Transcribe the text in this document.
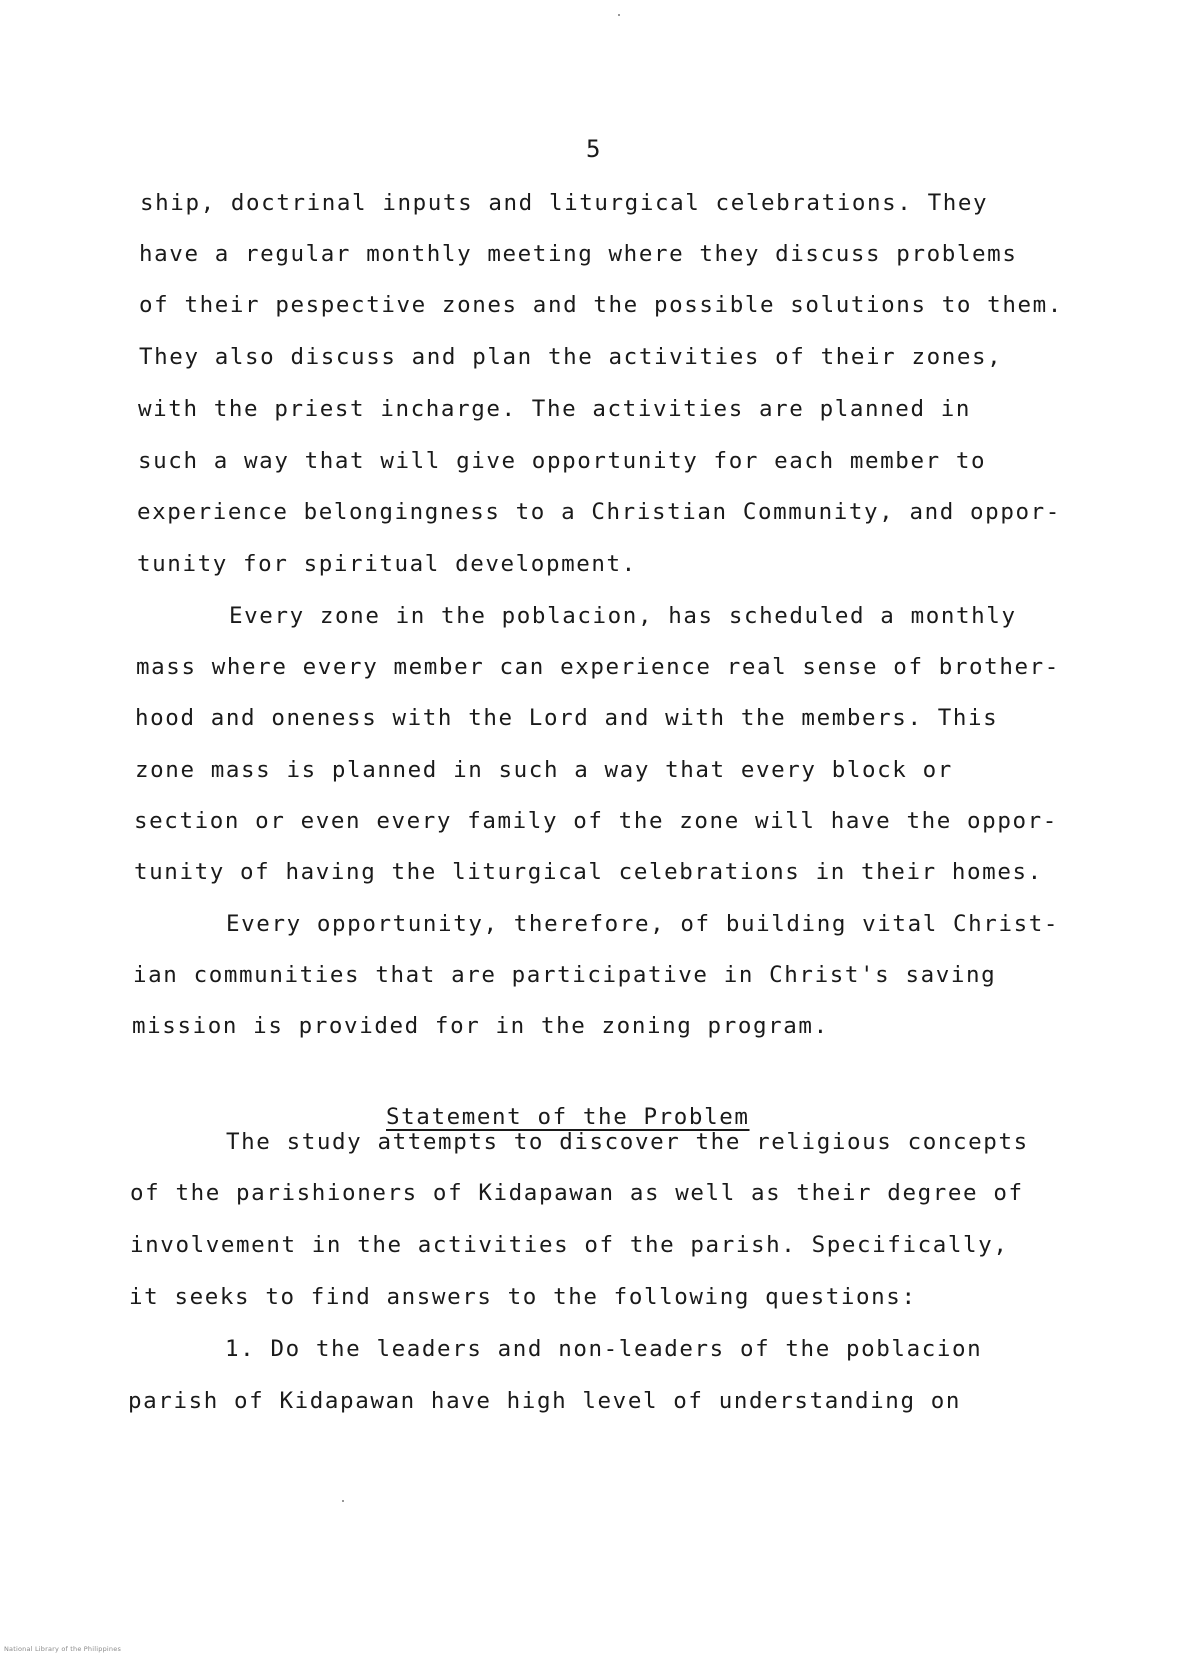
5
ship, doctrinal inputs and liturgical celebrations. They
have a regular monthly meeting where they discuss problems
of their pespective zones and the possible solutions to them.
They also discuss and plan the activities of their zones,
with the priest incharge. The activities are planned in
such a way that will give opportunity for each member to
experience belongingness to a Christian Community, and oppor-
tunity for spiritual development.
Every zone in the poblacion, has scheduled a monthly
mass where every member can experience real sense of brother-
hood and oneness with the Lord and with the members. This
zone mass is planned in such a way that every block or
section or even every family of the zone will have the oppor-
tunity of having the liturgical celebrations in their homes.
Every opportunity, therefore, of building vital Christ-
ian communities that are participative in Christ's saving
mission is provided for in the zoning program.
Statement of the Problem
The study attempts to discover the religious concepts
of the parishioners of Kidapawan as well as their degree of
involvement in the activities of the parish. Specifically,
it seeks to find answers to the following questions:
1. Do the leaders and non-leaders of the poblacion
parish of Kidapawan have high level of understanding on
National Library of the Philippines
